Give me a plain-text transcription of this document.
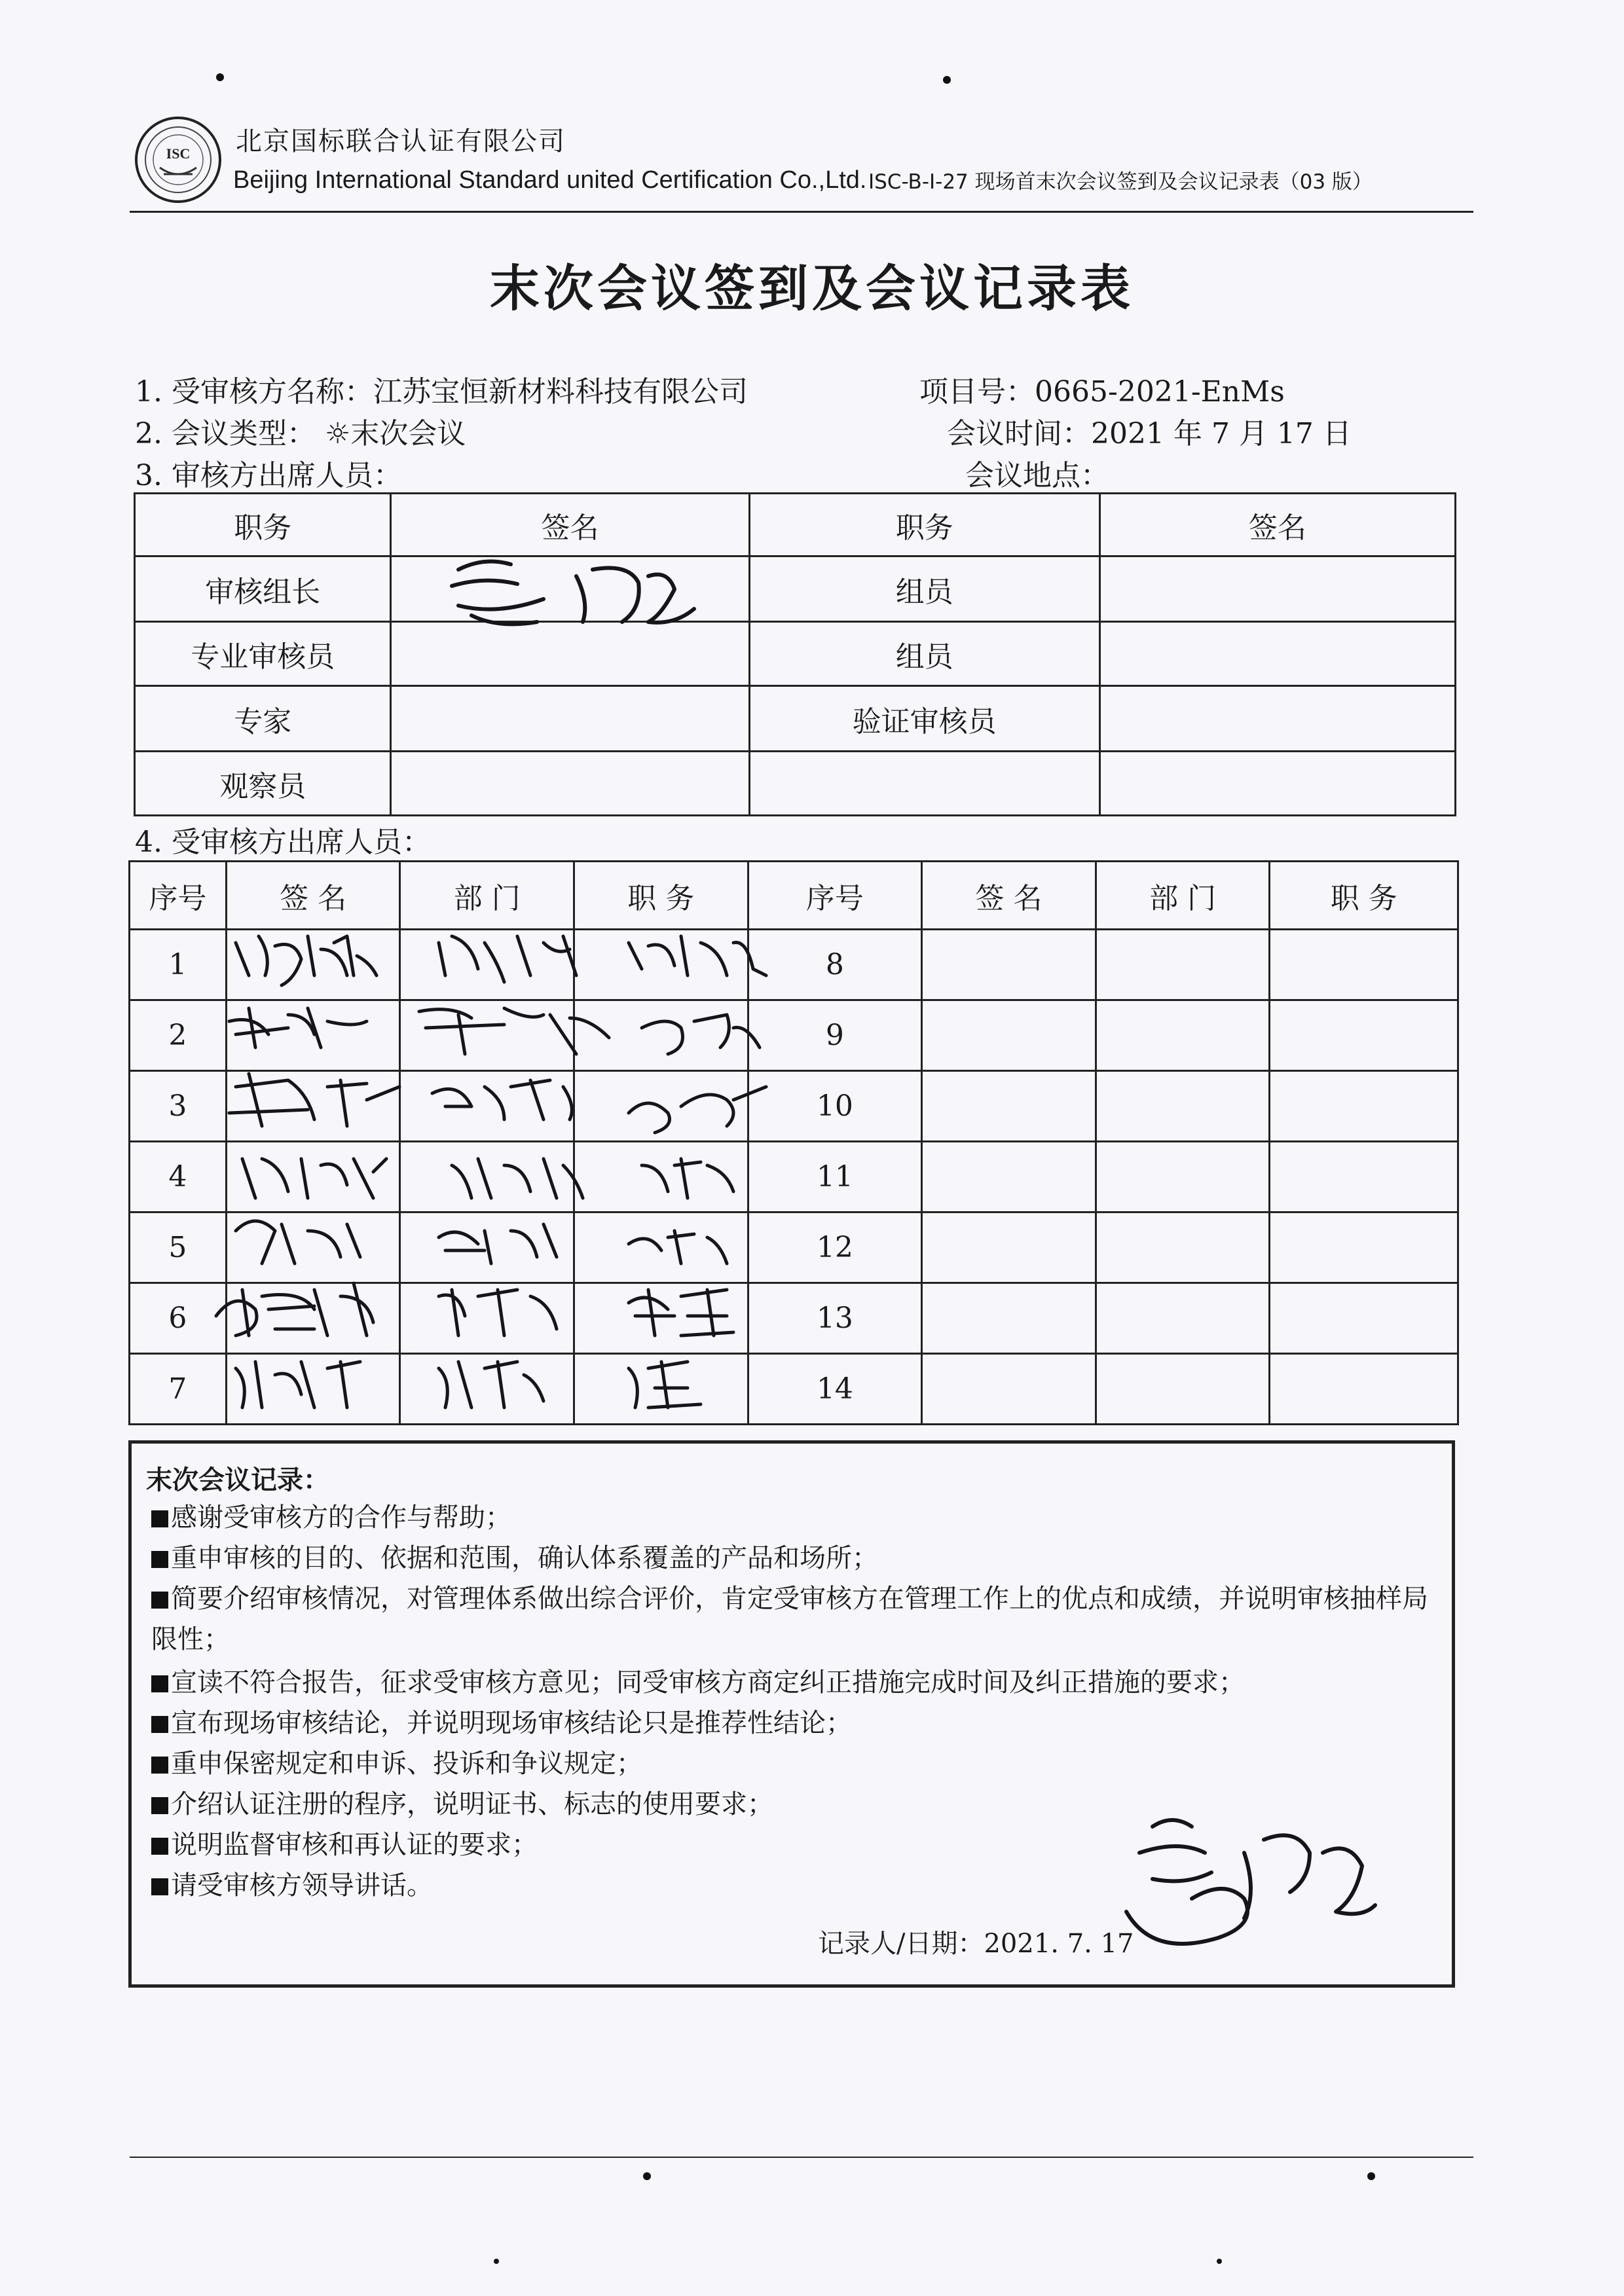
ISC 北京国标联合认证有限公司
Beijing International Standard united Certification Co.,Ltd. ISC-B-I-27 现场首末次会议签到及会议记录表（03 版）
末次会议签到及会议记录表
1. 受审核方名称：江苏宝恒新材料科技有限公司	项目号：0665-2021-EnMs
2. 会议类型： ☼末次会议	会议时间：2021 年 7 月 17 日
3. 审核方出席人员：	会议地点：
职务	签名	职务	签名
审核组长		组员	
专业审核员		组员	
专家		验证审核员	
观察员			
4. 受审核方出席人员：
序号	签 名	部 门	职 务	序号	签 名	部 门	职 务
1				8			
2				9			
3				10			
4				11			
5				12			
6				13			
7				14			
末次会议记录：
感谢受审核方的合作与帮助；
重申审核的目的、依据和范围，确认体系覆盖的产品和场所；
简要介绍审核情况，对管理体系做出综合评价，肯定受审核方在管理工作上的优点和成绩，并说明审核抽样局限性；
宣读不符合报告，征求受审核方意见；同受审核方商定纠正措施完成时间及纠正措施的要求；
宣布现场审核结论，并说明现场审核结论只是推荐性结论；
重申保密规定和申诉、投诉和争议规定；
介绍认证注册的程序，说明证书、标志的使用要求；
说明监督审核和再认证的要求；
请受审核方领导讲话。
记录人/日期：2021. 7. 17
